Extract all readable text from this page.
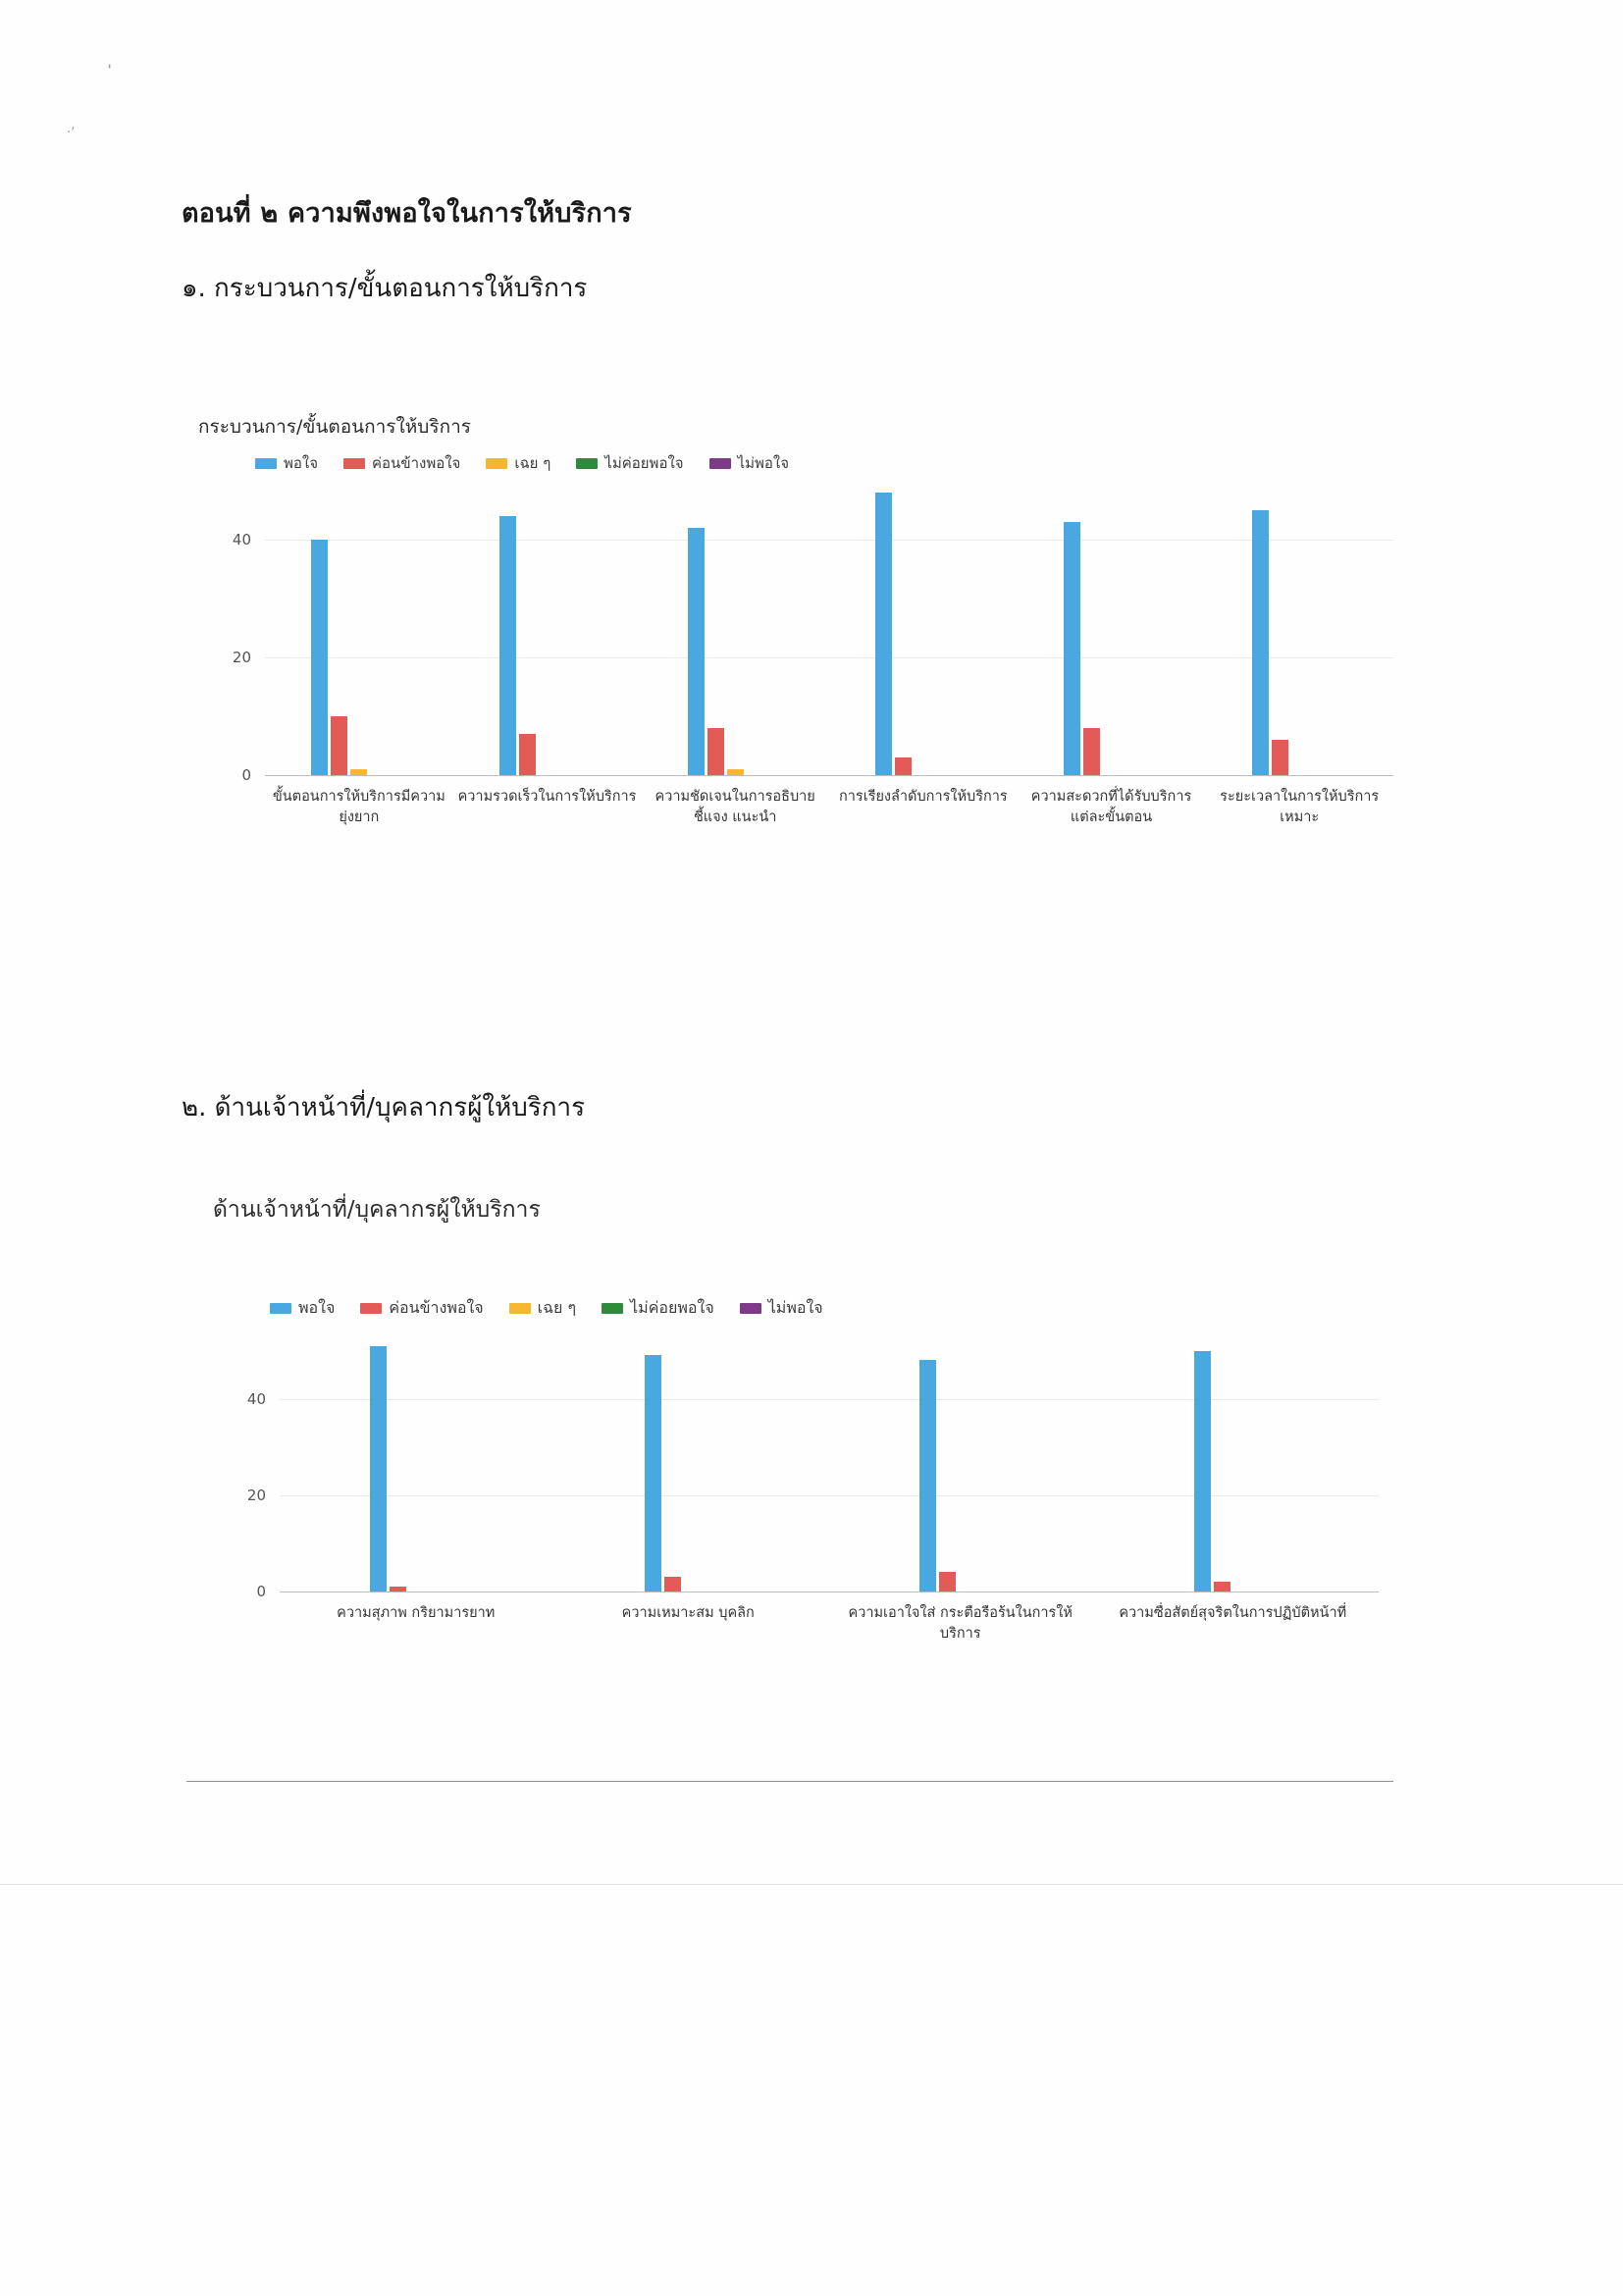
ʻ
·ʼ
ตอนที่ ๒ ความพึงพอใจในการให้บริการ
๑. กระบวนการ/ขั้นตอนการให้บริการ
กระบวนการ/ขั้นตอนการให้บริการ
พอใจ	ค่อนข้างพอใจ	เฉย ๆ	ไม่ค่อยพอใจ	ไม่พอใจ
0
20
40
ขั้นตอนการให้บริการมีความยุ่งยาก
ความรวดเร็วในการให้บริการ	ความชัดเจนในการอธิบาย ชี้แจง แนะนำ
การเรียงลำดับการให้บริการ	ความสะดวกที่ได้รับบริการแต่ละขั้นตอน
ระยะเวลาในการให้บริการเหมาะ
๒. ด้านเจ้าหน้าที่/บุคลากรผู้ให้บริการ
ด้านเจ้าหน้าที่/บุคลากรผู้ให้บริการ
พอใจ	ค่อนข้างพอใจ	เฉย ๆ	ไม่ค่อยพอใจ	ไม่พอใจ
0
20
40
ความสุภาพ กริยามารยาท	ความเหมาะสม บุคลิก	ความเอาใจใส่ กระตือรือร้นในการให้บริการ
ความซื่อสัตย์สุจริตในการปฏิบัติหน้าที่
